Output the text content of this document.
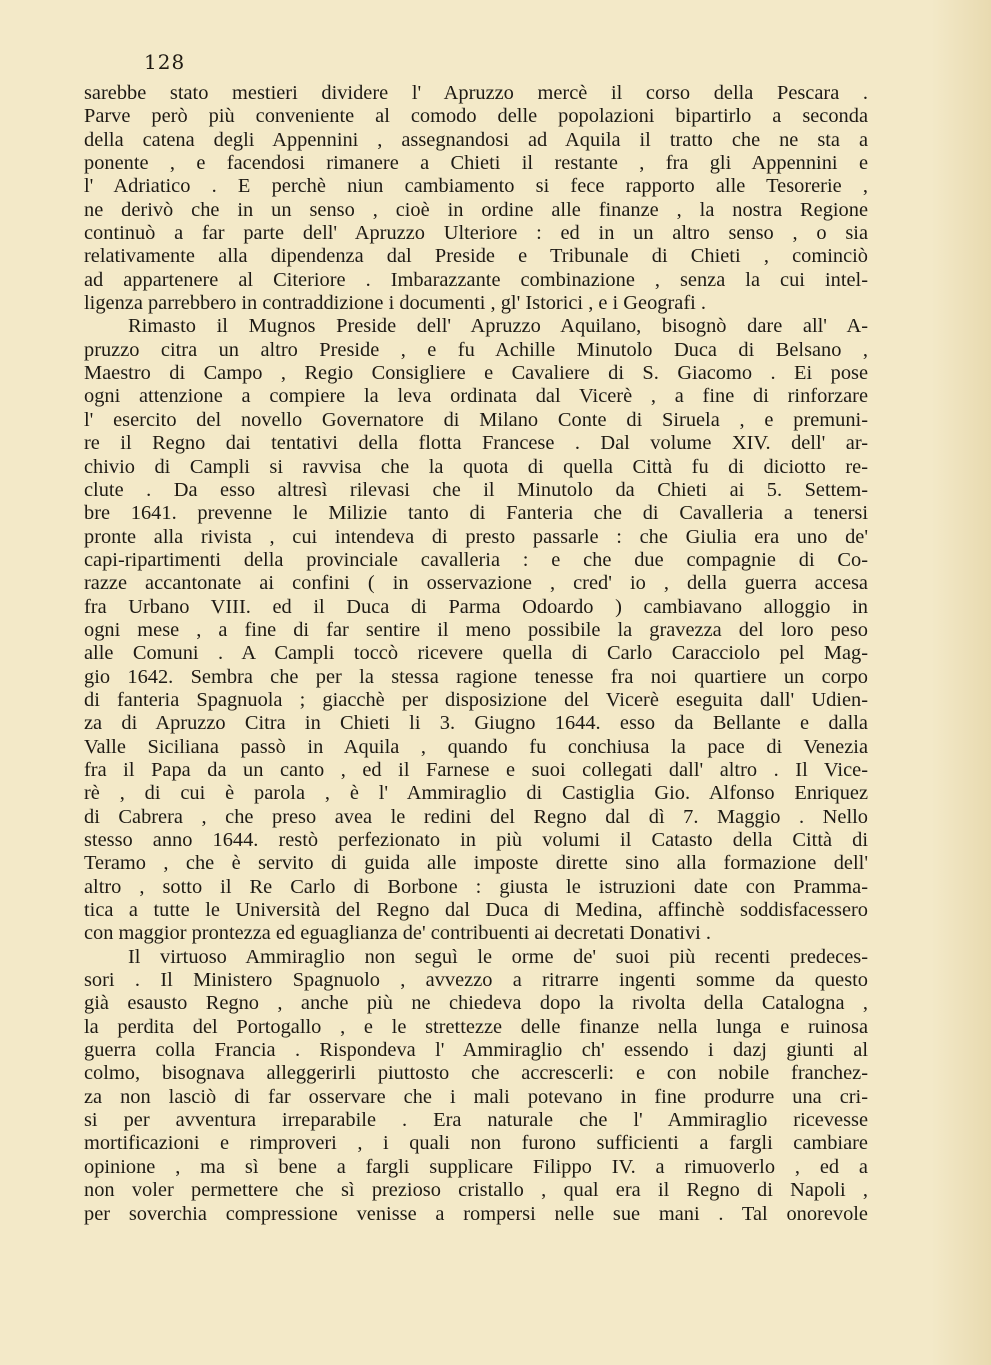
128
sarebbe stato mestieri dividere l' Apruzzo mercè il corso della Pescara .
Parve però più conveniente al comodo delle popolazioni bipartirlo a seconda
della catena degli Appennini , assegnandosi ad Aquila il tratto che ne sta a
ponente , e facendosi rimanere a Chieti il restante , fra gli Appennini e
l' Adriatico . E perchè niun cambiamento si fece rapporto alle Tesorerie ,
ne derivò che in un senso , cioè in ordine alle finanze , la nostra Regione
continuò a far parte dell' Apruzzo Ulteriore : ed in un altro senso , o sia
relativamente alla dipendenza dal Preside e Tribunale di Chieti , cominciò
ad appartenere al Citeriore . Imbarazzante combinazione , senza la cui intel-
ligenza parrebbero in contraddizione i documenti , gl' Istorici , e i Geografi .
Rimasto il Mugnos Preside dell' Apruzzo Aquilano, bisognò dare all' A-
pruzzo citra un altro Preside , e fu Achille Minutolo Duca di Belsano ,
Maestro di Campo , Regio Consigliere e Cavaliere di S. Giacomo . Ei pose
ogni attenzione a compiere la leva ordinata dal Vicerè , a fine di rinforzare
l' esercito del novello Governatore di Milano Conte di Siruela , e premuni-
re il Regno dai tentativi della flotta Francese . Dal volume XIV. dell' ar-
chivio di Campli si ravvisa che la quota di quella Città fu di diciotto re-
clute . Da esso altresì rilevasi che il Minutolo da Chieti ai 5. Settem-
bre 1641. prevenne le Milizie tanto di Fanteria che di Cavalleria a tenersi
pronte alla rivista , cui intendeva di presto passarle : che Giulia era uno de'
capi-ripartimenti della provinciale cavalleria : e che due compagnie di Co-
razze accantonate ai confini ( in osservazione , cred' io , della guerra accesa
fra Urbano VIII. ed il Duca di Parma Odoardo ) cambiavano alloggio in
ogni mese , a fine di far sentire il meno possibile la gravezza del loro peso
alle Comuni . A Campli toccò ricevere quella di Carlo Caracciolo pel Mag-
gio 1642. Sembra che per la stessa ragione tenesse fra noi quartiere un corpo
di fanteria Spagnuola ; giacchè per disposizione del Vicerè eseguita dall' Udien-
za di Apruzzo Citra in Chieti li 3. Giugno 1644. esso da Bellante e dalla
Valle Siciliana passò in Aquila , quando fu conchiusa la pace di Venezia
fra il Papa da un canto , ed il Farnese e suoi collegati dall' altro . Il Vice-
rè , di cui è parola , è l' Ammiraglio di Castiglia Gio. Alfonso Enriquez
di Cabrera , che preso avea le redini del Regno dal dì 7. Maggio . Nello
stesso anno 1644. restò perfezionato in più volumi il Catasto della Città di
Teramo , che è servito di guida alle imposte dirette sino alla formazione dell'
altro , sotto il Re Carlo di Borbone : giusta le istruzioni date con Pramma-
tica a tutte le Università del Regno dal Duca di Medina, affinchè soddisfacessero
con maggior prontezza ed eguaglianza de' contribuenti ai decretati Donativi .
Il virtuoso Ammiraglio non seguì le orme de' suoi più recenti predeces-
sori . Il Ministero Spagnuolo , avvezzo a ritrarre ingenti somme da questo
già esausto Regno , anche più ne chiedeva dopo la rivolta della Catalogna ,
la perdita del Portogallo , e le strettezze delle finanze nella lunga e ruinosa
guerra colla Francia . Rispondeva l' Ammiraglio ch' essendo i dazj giunti al
colmo, bisognava alleggerirli piuttosto che accrescerli: e con nobile franchez-
za non lasciò di far osservare che i mali potevano in fine produrre una cri-
si per avventura irreparabile . Era naturale che l' Ammiraglio ricevesse
mortificazioni e rimproveri , i quali non furono sufficienti a fargli cambiare
opinione , ma sì bene a fargli supplicare Filippo IV. a rimuoverlo , ed a
non voler permettere che sì prezioso cristallo , qual era il Regno di Napoli ,
per soverchia compressione venisse a rompersi nelle sue mani . Tal onorevole
